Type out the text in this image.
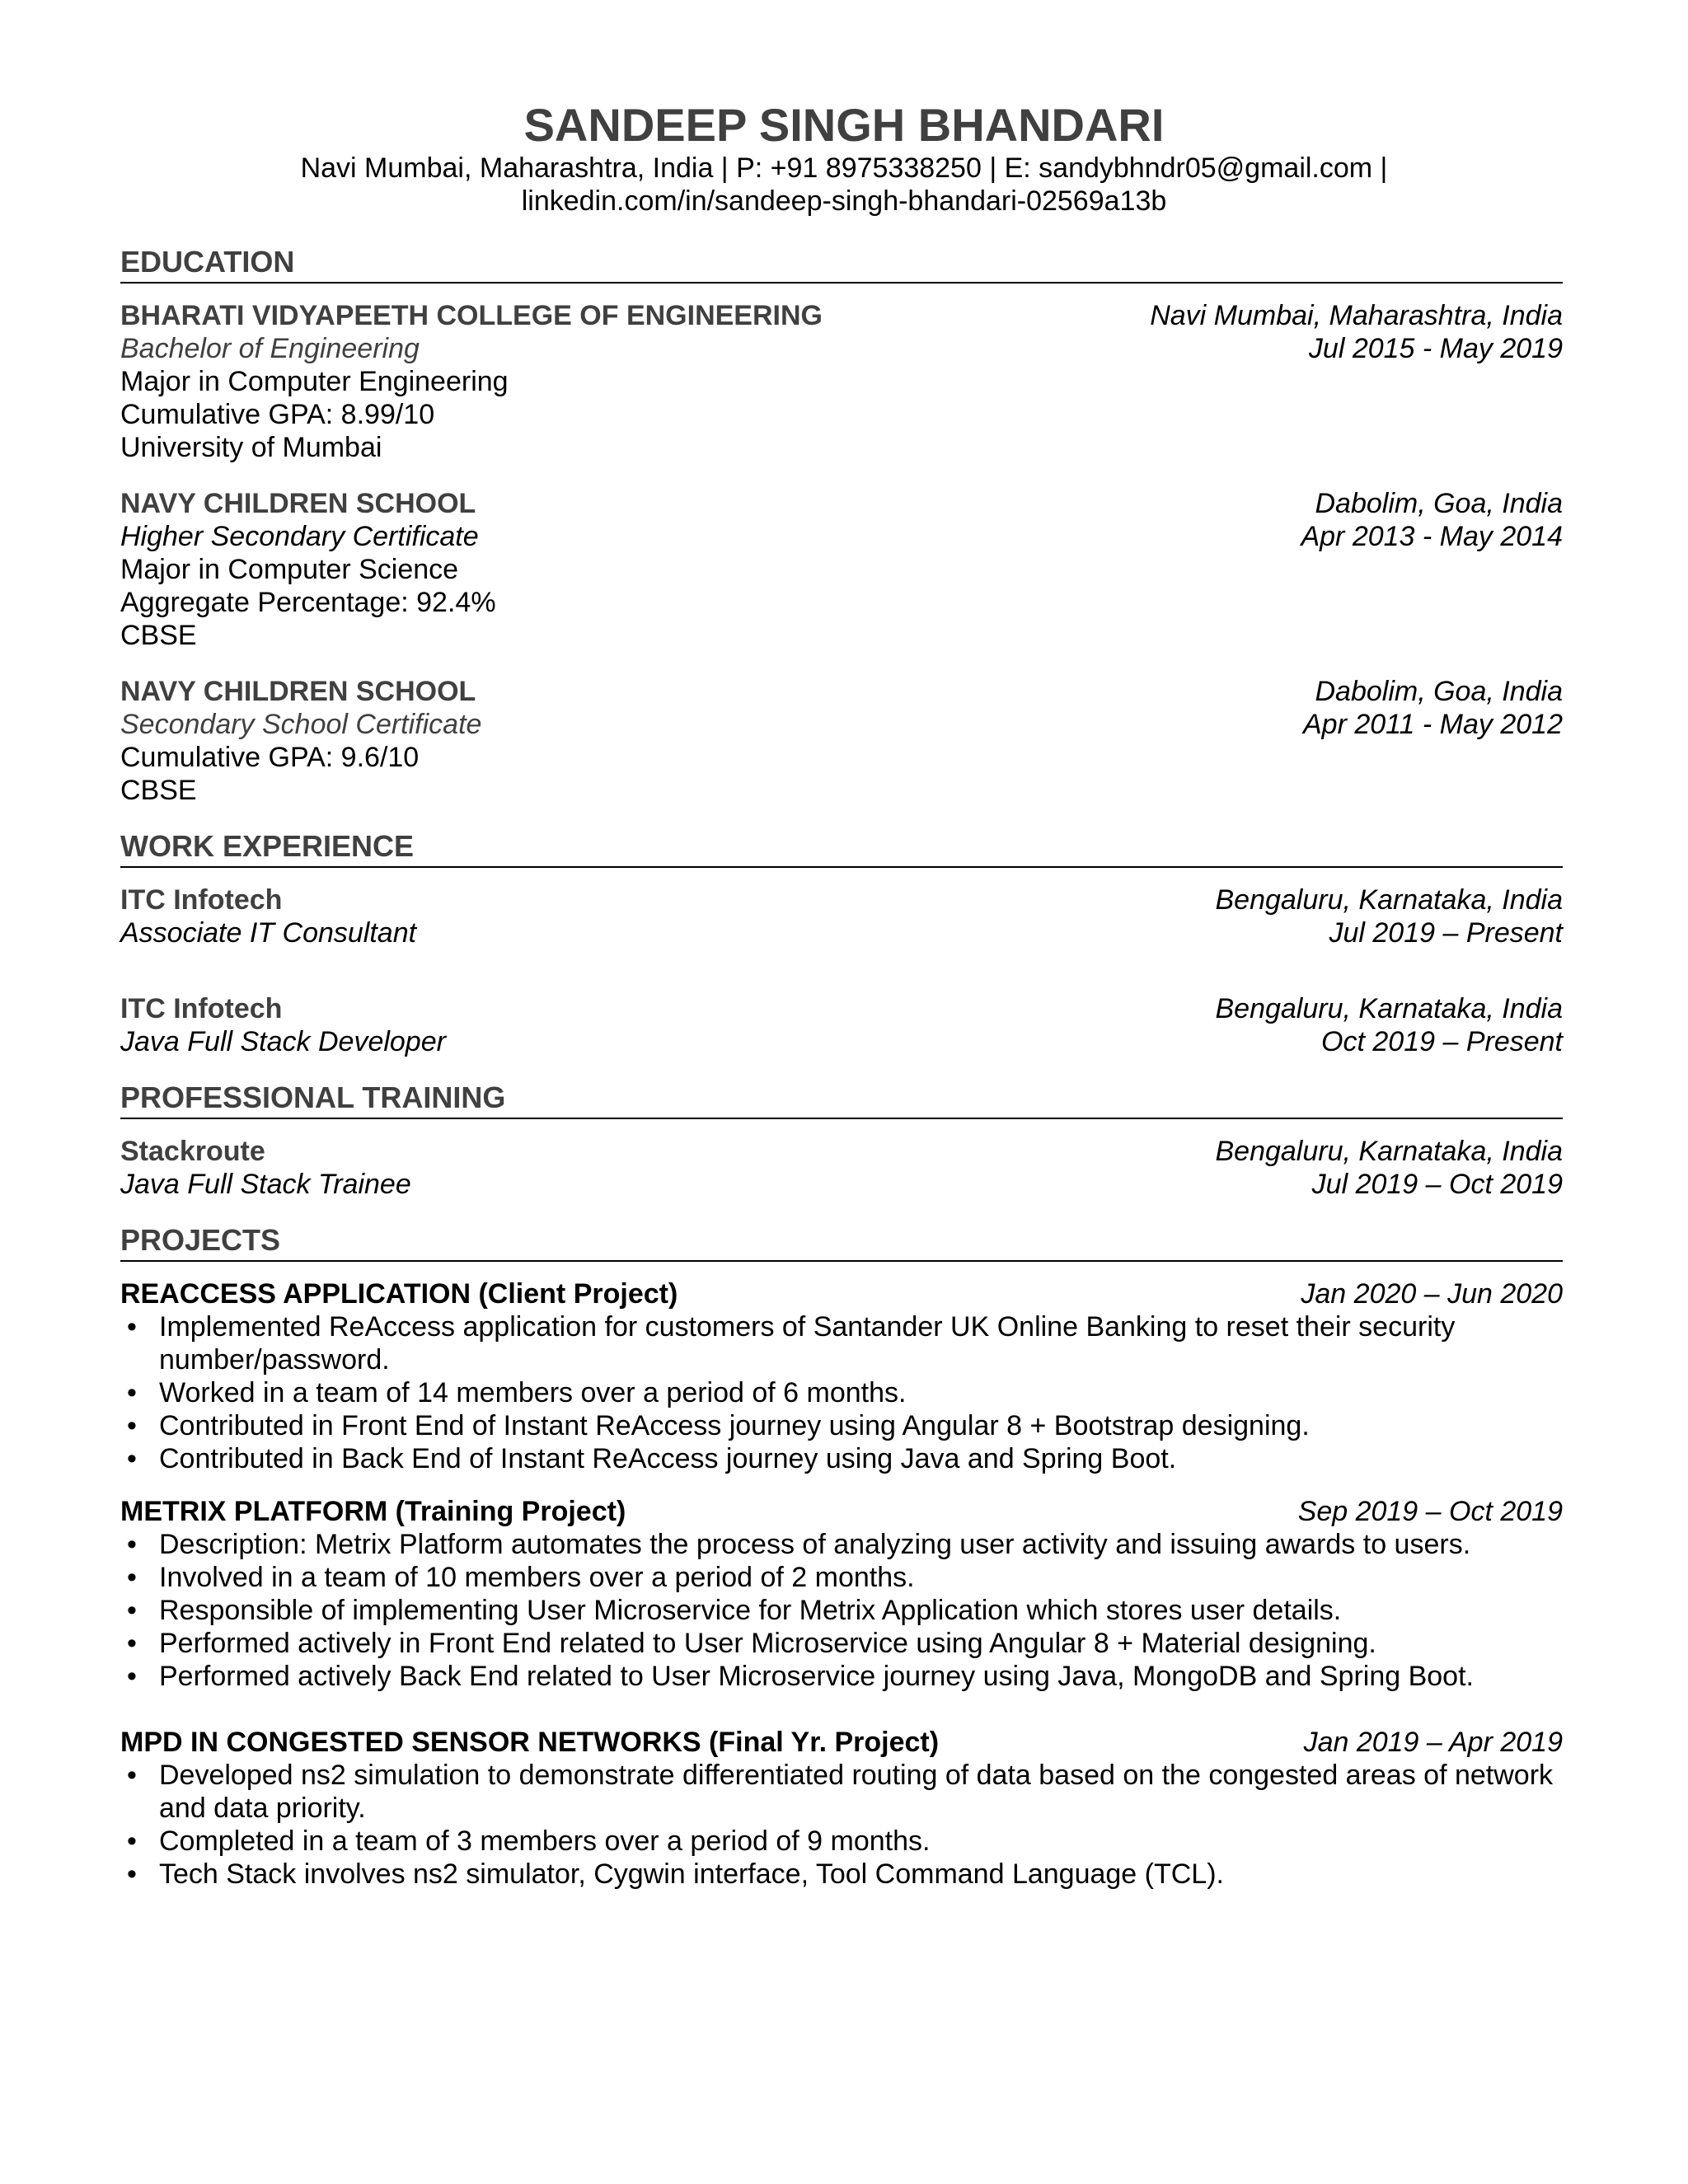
SANDEEP SINGH BHANDARI

Navi Mumbai, Maharashtra, India | P: +91 8975338250 | E: sandybhndr05@gmail.com |

linkedin.com/in/sandeep-singh-bhandari-02569a13b

EDUCATION

BHARATI VIDYAPEETH COLLEGE OF ENGINEERING	Navi Mumbai, Maharashtra, India
Bachelor of Engineering	Jul 2015 - May 2019
Major in Computer Engineering
Cumulative GPA: 8.99/10
University of Mumbai
NAVY CHILDREN SCHOOL	Dabolim, Goa, India
Higher Secondary Certificate	Apr 2013 - May 2014
Major in Computer Science
Aggregate Percentage: 92.4%
CBSE
NAVY CHILDREN SCHOOL	Dabolim, Goa, India
Secondary School Certificate	Apr 2011 - May 2012
Cumulative GPA: 9.6/10
CBSE

WORK EXPERIENCE

ITC Infotech	Bengaluru, Karnataka, India
Associate IT Consultant	Jul 2019 – Present
ITC Infotech	Bengaluru, Karnataka, India
Java Full Stack Developer	Oct 2019 – Present

PROFESSIONAL TRAINING

Stackroute	Bengaluru, Karnataka, India
Java Full Stack Trainee	Jul 2019 – Oct 2019

PROJECTS

REACCESS APPLICATION (Client Project)	Jan 2020 – Jun 2020
• Implemented ReAccess application for customers of Santander UK Online Banking to reset their security number/password.
• Worked in a team of 14 members over a period of 6 months.
• Contributed in Front End of Instant ReAccess journey using Angular 8 + Bootstrap designing.
• Contributed in Back End of Instant ReAccess journey using Java and Spring Boot.
METRIX PLATFORM (Training Project)	Sep 2019 – Oct 2019
• Description: Metrix Platform automates the process of analyzing user activity and issuing awards to users.
• Involved in a team of 10 members over a period of 2 months.
• Responsible of implementing User Microservice for Metrix Application which stores user details.
• Performed actively in Front End related to User Microservice using Angular 8 + Material designing.
• Performed actively Back End related to User Microservice journey using Java, MongoDB and Spring Boot.
MPD IN CONGESTED SENSOR NETWORKS (Final Yr. Project)	Jan 2019 – Apr 2019
• Developed ns2 simulation to demonstrate differentiated routing of data based on the congested areas of network and data priority.
• Completed in a team of 3 members over a period of 9 months.
• Tech Stack involves ns2 simulator, Cygwin interface, Tool Command Language (TCL).
